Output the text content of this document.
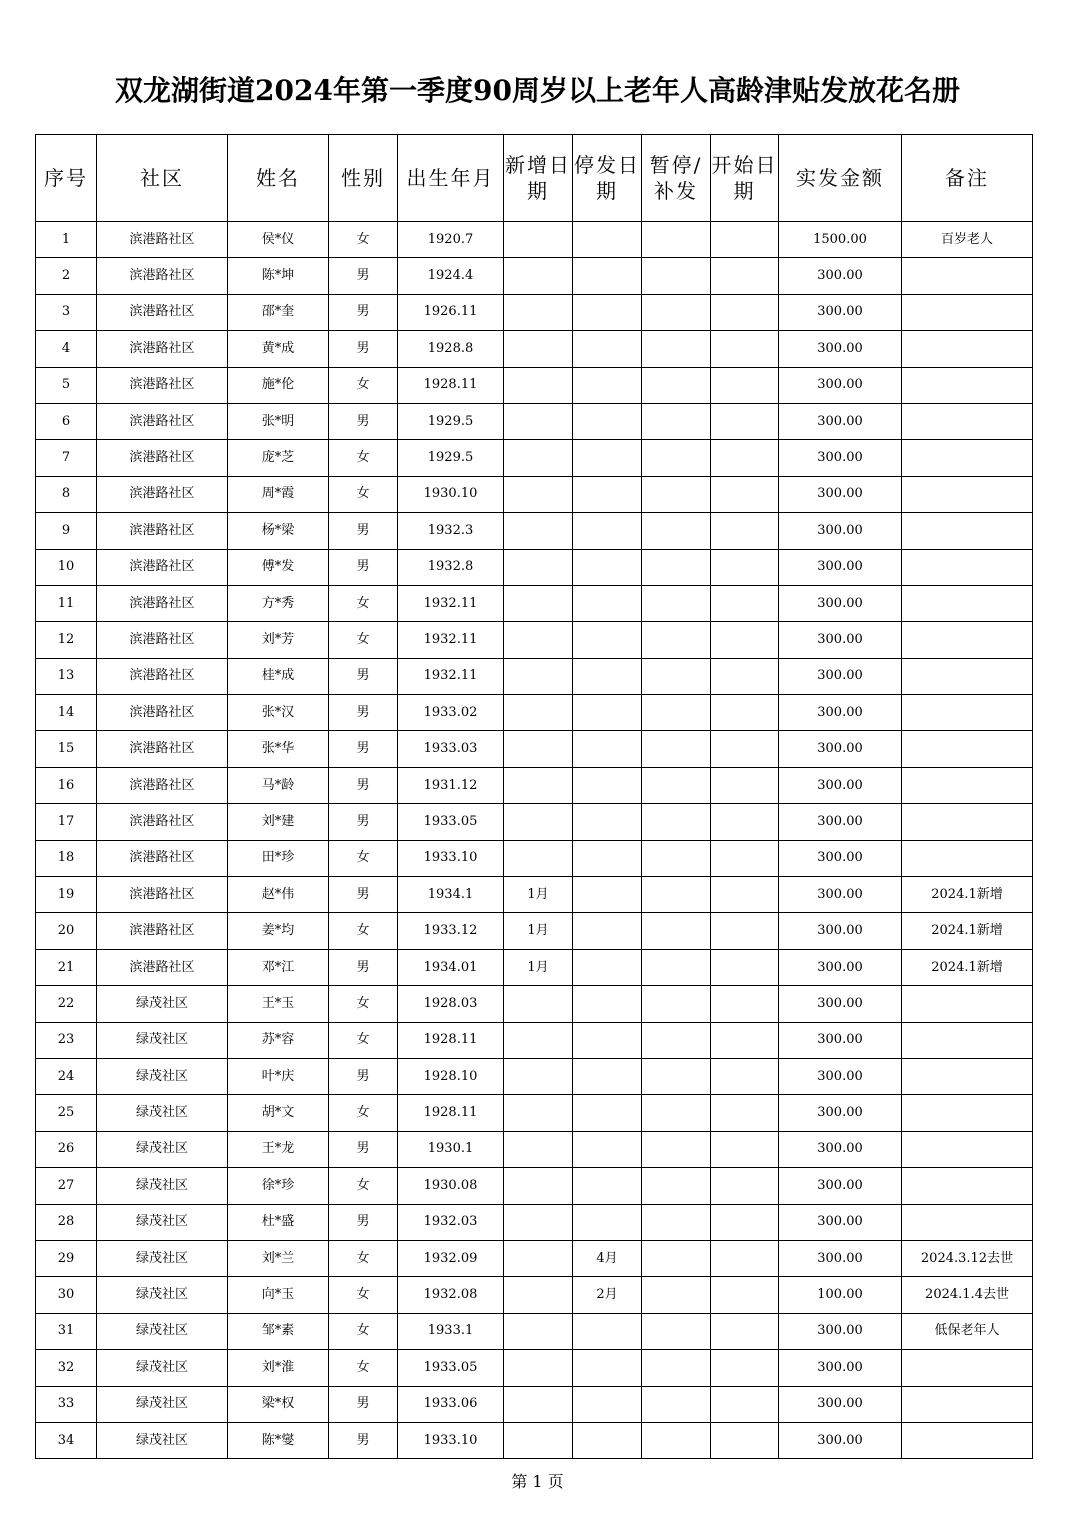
双龙湖街道2024年第一季度90周岁以上老年人高龄津贴发放花名册
序号	社区	姓名	性别	出生年月	新增日期	停发日期	暂停/补发	开始日期	实发金额	备注
1	滨港路社区	侯*仪	女	1920.7					1500.00	百岁老人
2	滨港路社区	陈*坤	男	1924.4					300.00	
3	滨港路社区	邵*奎	男	1926.11					300.00	
4	滨港路社区	黄*成	男	1928.8					300.00	
5	滨港路社区	施*伦	女	1928.11					300.00	
6	滨港路社区	张*明	男	1929.5					300.00	
7	滨港路社区	庞*芝	女	1929.5					300.00	
8	滨港路社区	周*霞	女	1930.10					300.00	
9	滨港路社区	杨*梁	男	1932.3					300.00	
10	滨港路社区	傅*发	男	1932.8					300.00	
11	滨港路社区	方*秀	女	1932.11					300.00	
12	滨港路社区	刘*芳	女	1932.11					300.00	
13	滨港路社区	桂*成	男	1932.11					300.00	
14	滨港路社区	张*汉	男	1933.02					300.00	
15	滨港路社区	张*华	男	1933.03					300.00	
16	滨港路社区	马*龄	男	1931.12					300.00	
17	滨港路社区	刘*建	男	1933.05					300.00	
18	滨港路社区	田*珍	女	1933.10					300.00	
19	滨港路社区	赵*伟	男	1934.1	1月				300.00	2024.1新增
20	滨港路社区	姜*均	女	1933.12	1月				300.00	2024.1新增
21	滨港路社区	邓*江	男	1934.01	1月				300.00	2024.1新增
22	绿茂社区	王*玉	女	1928.03					300.00	
23	绿茂社区	苏*容	女	1928.11					300.00	
24	绿茂社区	叶*庆	男	1928.10					300.00	
25	绿茂社区	胡*文	女	1928.11					300.00	
26	绿茂社区	王*龙	男	1930.1					300.00	
27	绿茂社区	徐*珍	女	1930.08					300.00	
28	绿茂社区	杜*盛	男	1932.03					300.00	
29	绿茂社区	刘*兰	女	1932.09		4月			300.00	2024.3.12去世
30	绿茂社区	向*玉	女	1932.08		2月			100.00	2024.1.4去世
31	绿茂社区	邹*素	女	1933.1					300.00	低保老年人
32	绿茂社区	刘*淮	女	1933.05					300.00	
33	绿茂社区	梁*权	男	1933.06					300.00	
34	绿茂社区	陈*燮	男	1933.10					300.00	
第 1 页
